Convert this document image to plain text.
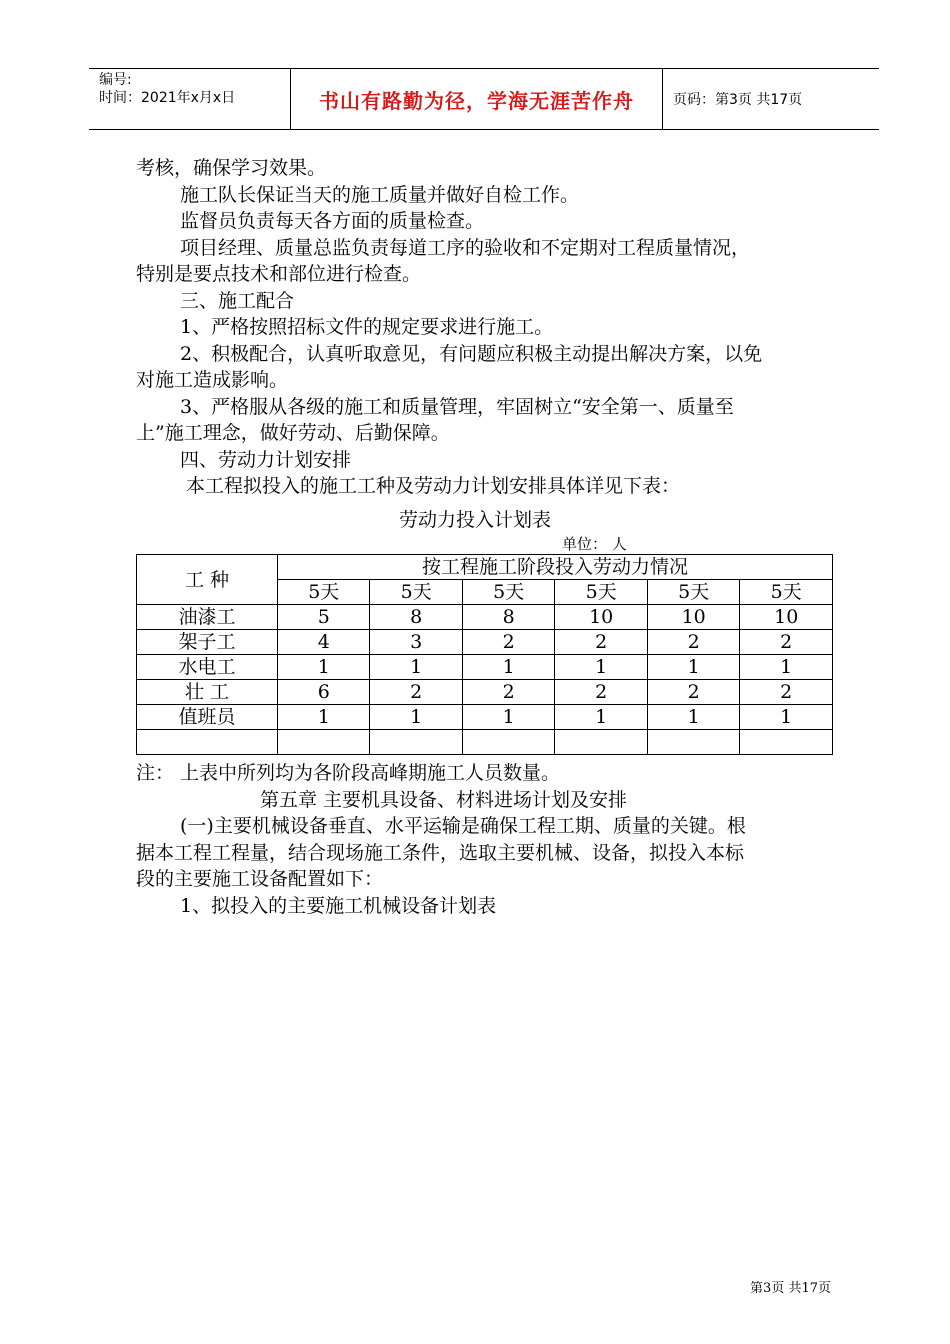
编号:
时间：2021年x月x日	书山有路勤为径，学海无涯苦作舟	页码：第3页 共17页

考核，确保学习效果。

施工队长保证当天的施工质量并做好自检工作。

监督员负责每天各方面的质量检查。

项目经理、质量总监负责每道工序的验收和不定期对工程质量情况，

特别是要点技术和部位进行检查。

三、施工配合

1、严格按照招标文件的规定要求进行施工。

2、积极配合，认真听取意见，有问题应积极主动提出解决方案，以免

对施工造成影响。

3、严格服从各级的施工和质量管理，牢固树立“安全第一、质量至

上”施工理念，做好劳动、后勤保障。

四、劳动力计划安排

本工程拟投入的施工工种及劳动力计划安排具体详见下表：

劳动力投入计划表
单位： 人
工 种	按工程施工阶段投入劳动力情况					
	5天	5天	5天	5天	5天	5天
油漆工	5	8	8	10	10	10
架子工	4	3	2	2	2	2
水电工	1	1	1	1	1	1
壮 工	6	2	2	2	2	2
值班员	1	1	1	1	1	1

注： 上表中所列均为各阶段高峰期施工人员数量。

第五章 主要机具设备、材料进场计划及安排

(一)主要机械设备垂直、水平运输是确保工程工期、质量的关键。根

据本工程工程量，结合现场施工条件，选取主要机械、设备，拟投入本标

段的主要施工设备配置如下：

1、拟投入的主要施工机械设备计划表

第3页 共17页
